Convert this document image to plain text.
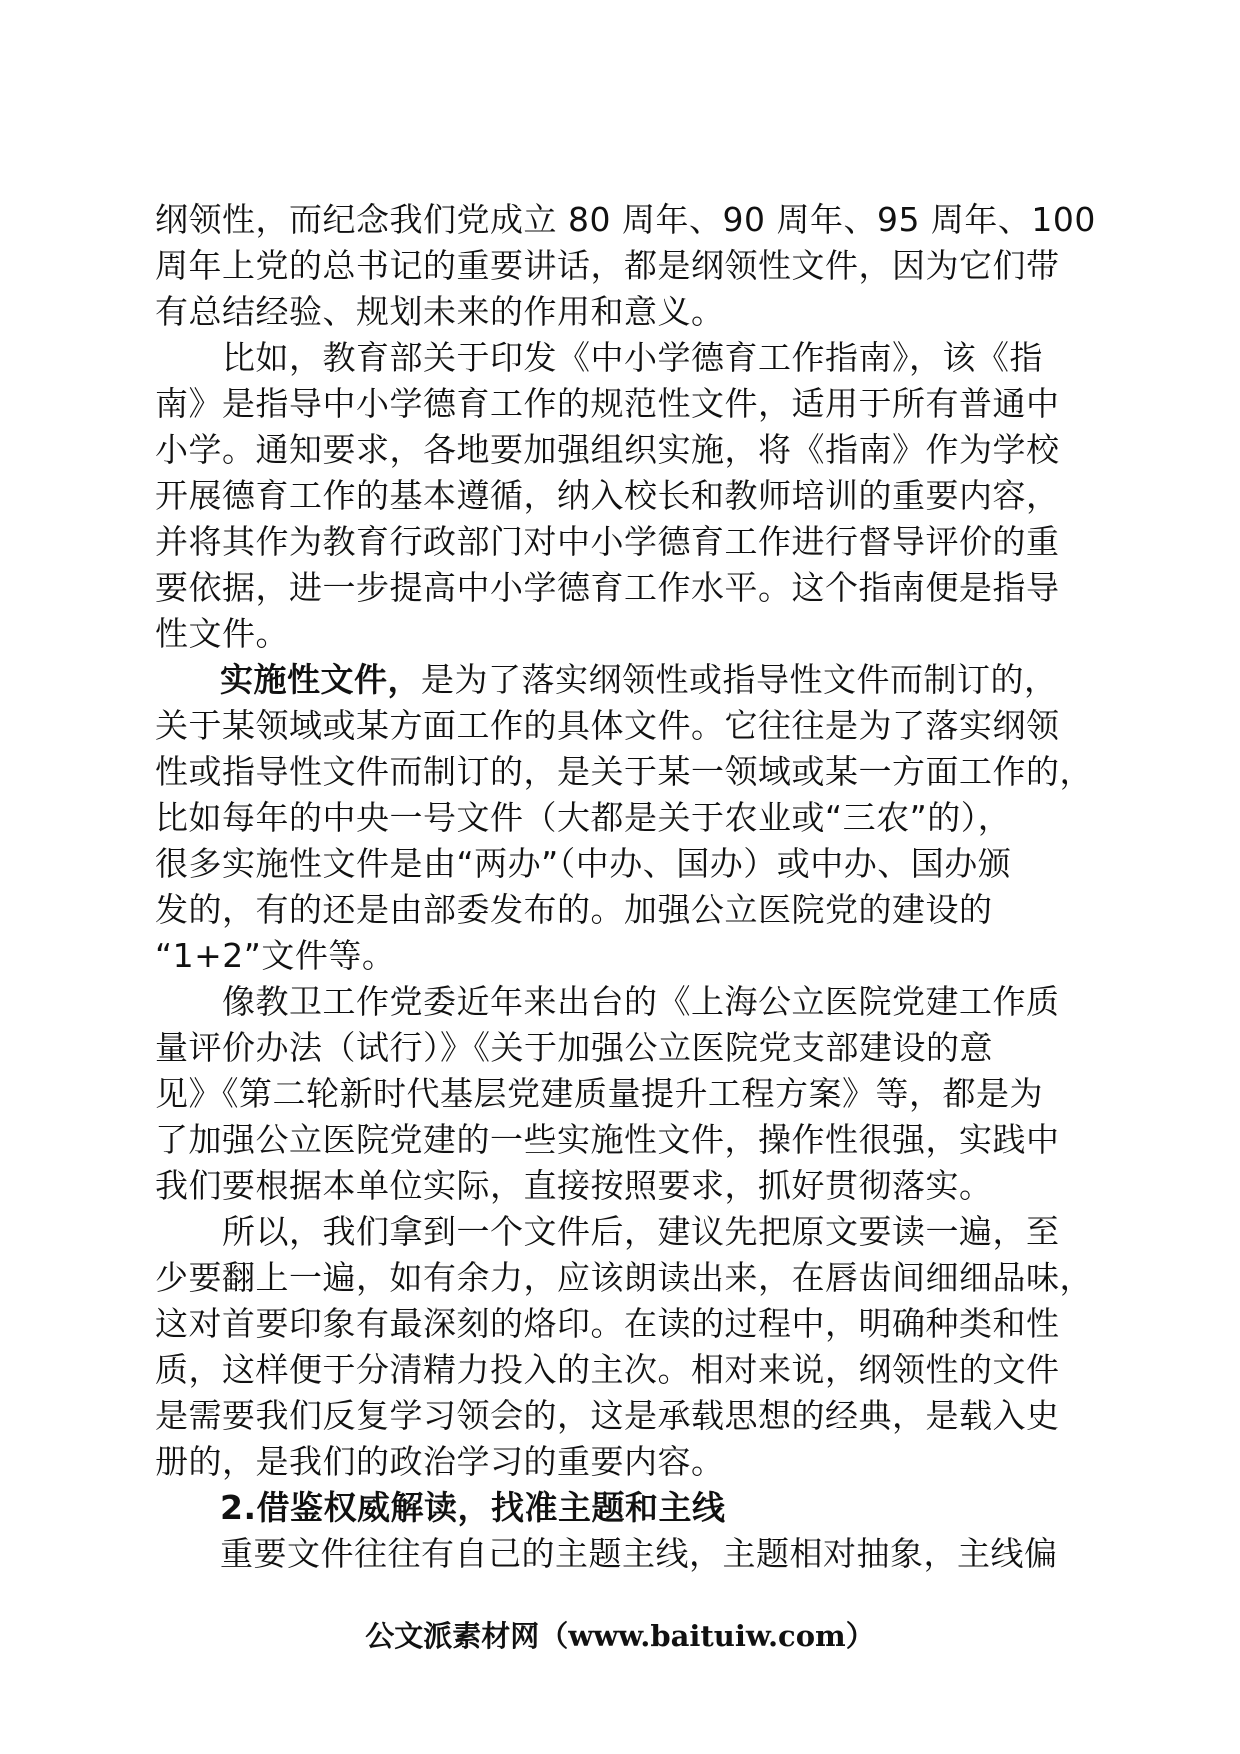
纲领性，而纪念我们党成立 80 周年、90 周年、95 周年、100
周年上党的总书记的重要讲话，都是纲领性文件，因为它们带
有总结经验、规划未来的作用和意义。
　　比如，教育部关于印发《中小学德育工作指南》，该《指
南》是指导中小学德育工作的规范性文件，适用于所有普通中
小学。通知要求，各地要加强组织实施，将《指南》作为学校
开展德育工作的基本遵循，纳入校长和教师培训的重要内容，
并将其作为教育行政部门对中小学德育工作进行督导评价的重
要依据，进一步提高中小学德育工作水平。这个指南便是指导
性文件。
实施性文件，是为了落实纲领性或指导性文件而制订的，
关于某领域或某方面工作的具体文件。它往往是为了落实纲领
性或指导性文件而制订的，是关于某一领域或某一方面工作的，
比如每年的中央一号文件（大都是关于农业或“三农”的），
很多实施性文件是由“两办”（中办、国办）或中办、国办颁
发的，有的还是由部委发布的。加强公立医院党的建设的
“1+2”文件等。
　　像教卫工作党委近年来出台的《上海公立医院党建工作质
量评价办法（试行）》《关于加强公立医院党支部建设的意
见》《第二轮新时代基层党建质量提升工程方案》等，都是为
了加强公立医院党建的一些实施性文件，操作性很强，实践中
我们要根据本单位实际，直接按照要求，抓好贯彻落实。
　　所以，我们拿到一个文件后，建议先把原文要读一遍，至
少要翻上一遍，如有余力，应该朗读出来，在唇齿间细细品味，
这对首要印象有最深刻的烙印。在读的过程中，明确种类和性
质，这样便于分清精力投入的主次。相对来说，纲领性的文件
是需要我们反复学习领会的，这是承载思想的经典，是载入史
册的，是我们的政治学习的重要内容。
2.借鉴权威解读，找准主题和主线
重要文件往往有自己的主题主线，主题相对抽象，主线偏
公文派素材网（www.baituiw.com）
